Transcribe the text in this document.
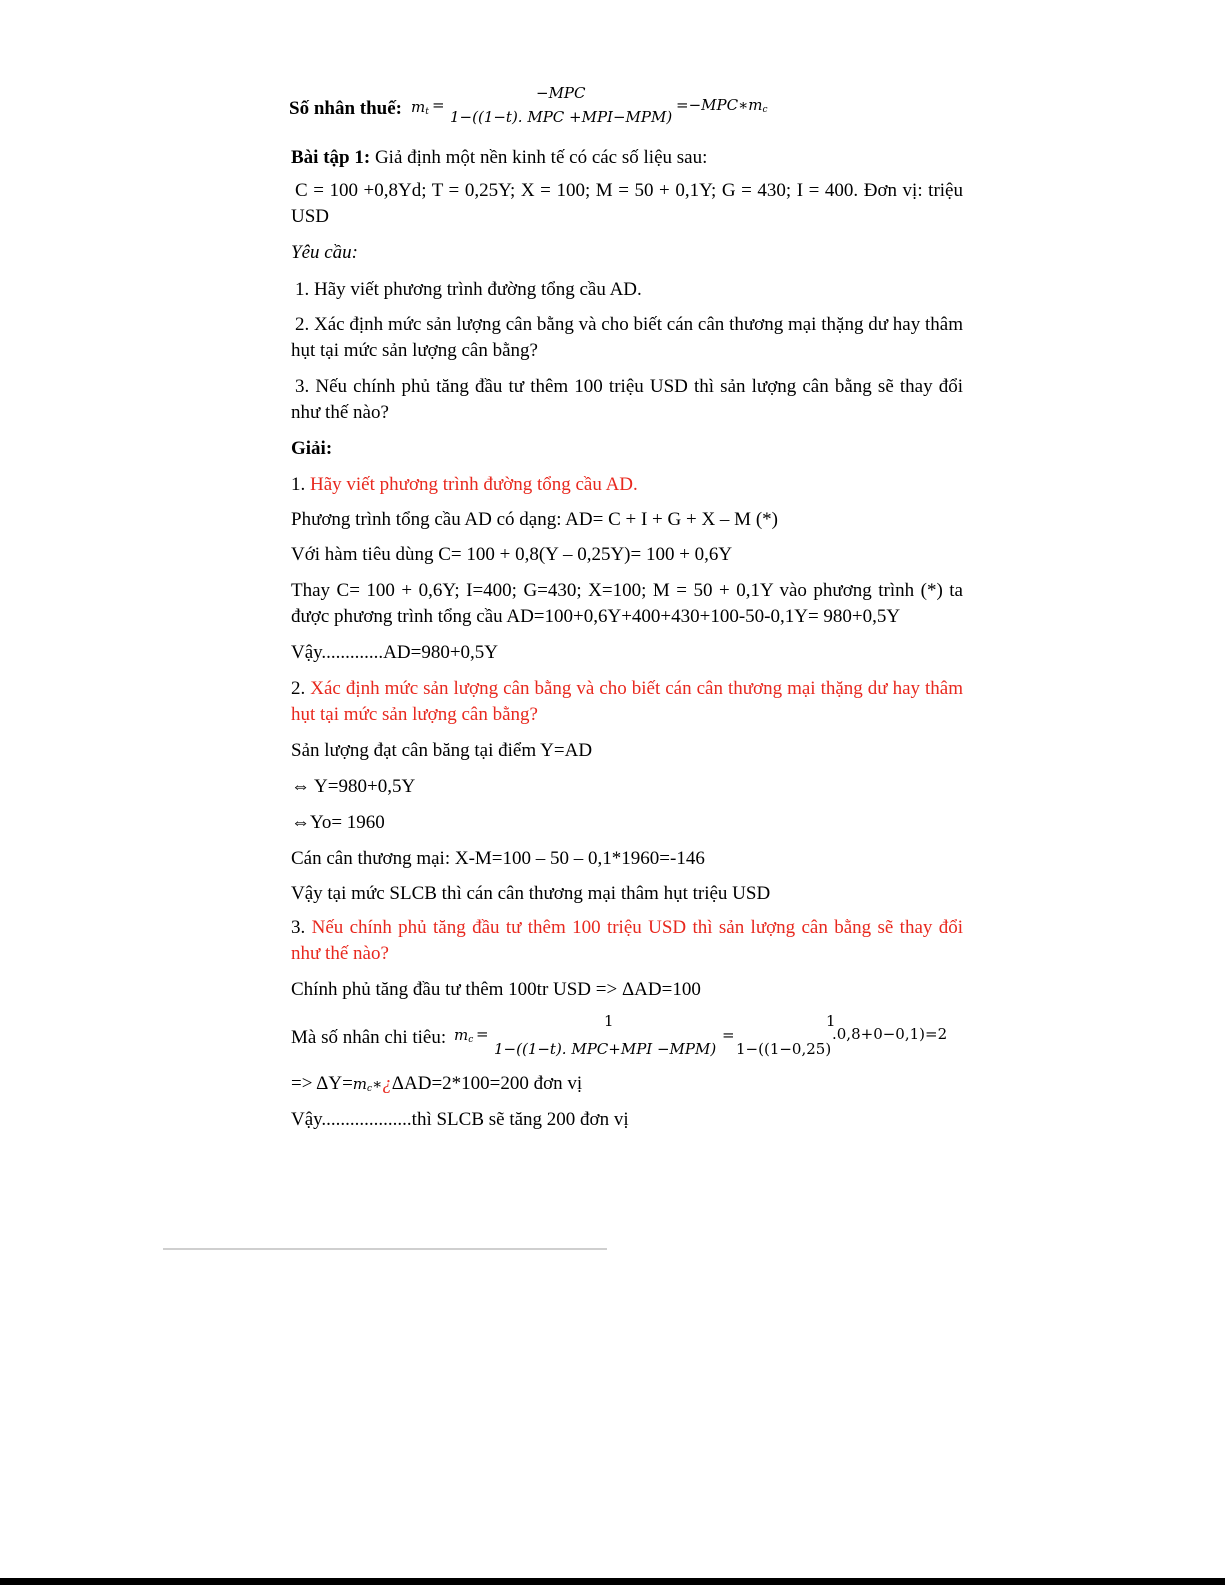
Số nhân thuế: $m_t$ =
−MPC
1−((1−t). MPC +MPI−MPM)
$=-MPC∗m_c$
Bài tập 1: Giả định một nền kinh tế có các số liệu sau:
C = 100 +0,8Yd; T = 0,25Y; X = 100; M = 50 + 0,1Y; G = 430; I = 400. Đơn vị: triệu USD
Yêu cầu:
1. Hãy viết phương trình đường tổng cầu AD.
2. Xác định mức sản lượng cân bằng và cho biết cán cân thương mại thặng dư hay thâm hụt tại mức sản lượng cân bằng?
3. Nếu chính phủ tăng đầu tư thêm 100 triệu USD thì sản lượng cân bằng sẽ thay đổi như thế nào?
Giải:
1. Hãy viết phương trình đường tổng cầu AD.
Phương trình tổng cầu AD có dạng: AD= C + I + G + X – M (*)
Với hàm tiêu dùng C= 100 + 0,8(Y – 0,25Y)= 100 + 0,6Y
Thay C= 100 + 0,6Y; I=400; G=430; X=100; M = 50 + 0,1Y vào phương trình (*) ta được phương trình tổng cầu AD=100+0,6Y+400+430+100-50-0,1Y= 980+0,5Y
Vậy.............AD=980+0,5Y
2. Xác định mức sản lượng cân bằng và cho biết cán cân thương mại thặng dư hay thâm hụt tại mức sản lượng cân bằng?
Sản lượng đạt cân băng tại điểm Y=AD
⇔ Y=980+0,5Y
⇔Yo= 1960
Cán cân thương mại: X-M=100 – 50 – 0,1*1960=-146
Vậy tại mức SLCB thì cán cân thương mại thâm hụt triệu USD
3. Nếu chính phủ tăng đầu tư thêm 100 triệu USD thì sản lượng cân bằng sẽ thay đổi như thế nào?
Chính phủ tăng đầu tư thêm 100tr USD => ΔAD=100
Mà số nhân chi tiêu: $m_c$ =
1
1−((1−t). MPC+MPI −MPM)
=
1
1−((1−0,25)
.0,8+0−0,1)=2
=> $\Delta Y=m_c∗¿\Delta AD=2*100=200$ đơn vị
Vậy...................thì SLCB sẽ tăng 200 đơn vị
